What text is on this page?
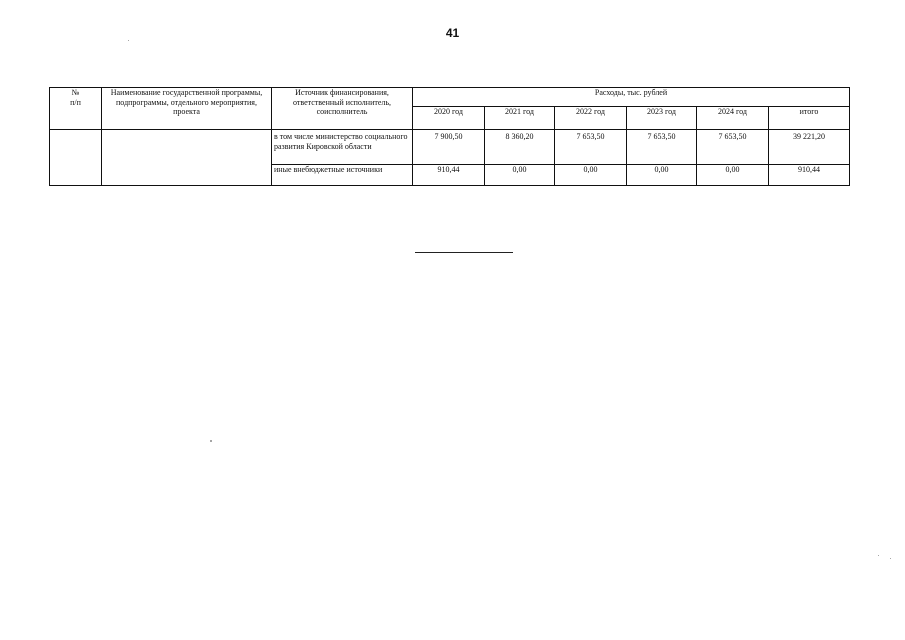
41
№
п/п	Наименование государственной программы, подпрограммы, отдельного мероприятия, проекта	Источник финансирования, ответственный исполнитель, соисполнитель	Расходы, тыс. рублей					
			2020 год	2021 год	2022 год	2023 год	2024 год	итого
		в том числе министерство социального развития Кировской области	7 900,50	8 360,20	7 653,50	7 653,50	7 653,50	39 221,20
		иные внебюджетные источники	910,44	0,00	0,00	0,00	0,00	910,44
